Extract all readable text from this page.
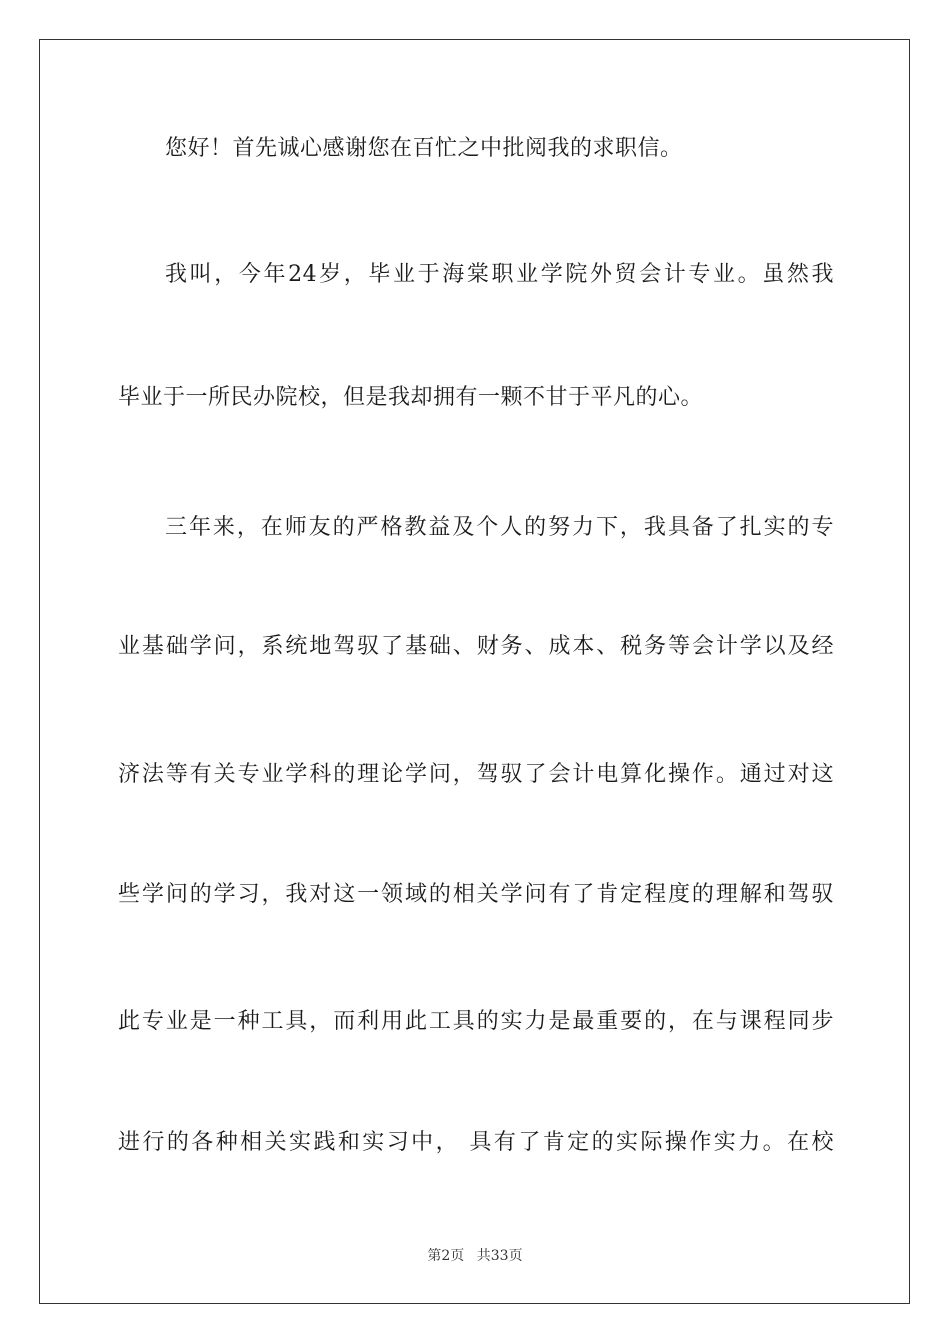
您好！首先诚心感谢您在百忙之中批阅我的求职信。
我叫，今年24岁，毕业于海棠职业学院外贸会计专业。虽然我
毕业于一所民办院校，但是我却拥有一颗不甘于平凡的心。
三年来，在师友的严格教益及个人的努力下，我具备了扎实的专
业基础学问，系统地驾驭了基础、财务、成本、税务等会计学以及经
济法等有关专业学科的理论学问，驾驭了会计电算化操作。通过对这
些学问的学习，我对这一领域的相关学问有了肯定程度的理解和驾驭
此专业是一种工具，而利用此工具的实力是最重要的，在与课程同步
进行的各种相关实践和实习中， 具有了肯定的实际操作实力。在校
第2页 共33页
